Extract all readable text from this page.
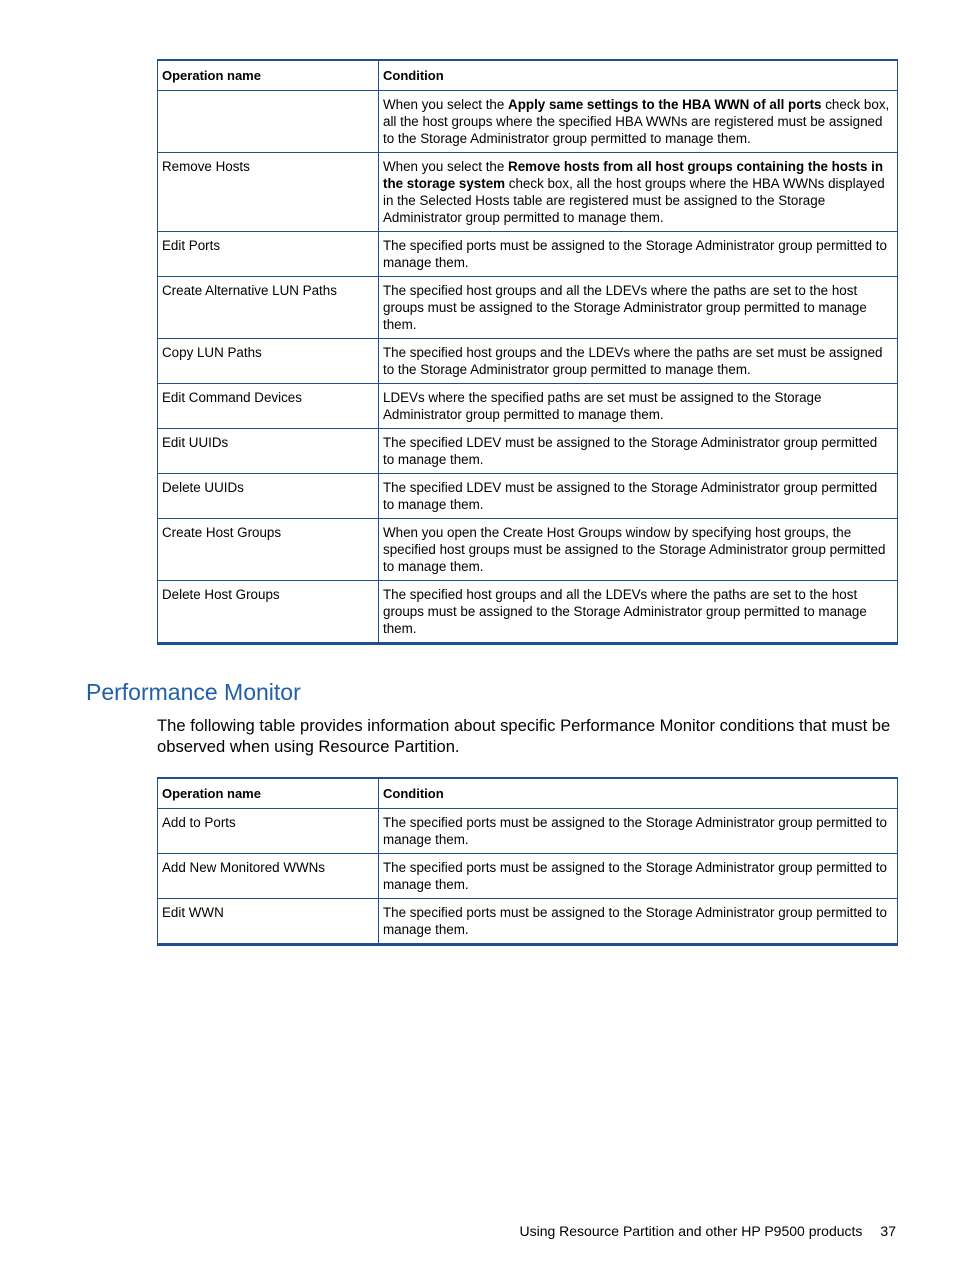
Operation name	Condition
	When you select the Apply same settings to the HBA WWN of all ports check box, all the host groups where the specified HBA WWNs are registered must be assigned to the Storage Administrator group permitted to manage them.
Remove Hosts	When you select the Remove hosts from all host groups containing the hosts in the storage system check box, all the host groups where the HBA WWNs displayed in the Selected Hosts table are registered must be assigned to the Storage Administrator group permitted to manage them.
Edit Ports	The specified ports must be assigned to the Storage Administrator group permitted to manage them.
Create Alternative LUN Paths	The specified host groups and all the LDEVs where the paths are set to the host groups must be assigned to the Storage Administrator group permitted to manage them.
Copy LUN Paths	The specified host groups and the LDEVs where the paths are set must be assigned to the Storage Administrator group permitted to manage them.
Edit Command Devices	LDEVs where the specified paths are set must be assigned to the Storage Administrator group permitted to manage them.
Edit UUIDs	The specified LDEV must be assigned to the Storage Administrator group permitted to manage them.
Delete UUIDs	The specified LDEV must be assigned to the Storage Administrator group permitted to manage them.
Create Host Groups	When you open the Create Host Groups window by specifying host groups, the specified host groups must be assigned to the Storage Administrator group permitted to manage them.
Delete Host Groups	The specified host groups and all the LDEVs where the paths are set to the host groups must be assigned to the Storage Administrator group permitted to manage them.
Performance Monitor

The following table provides information about specific Performance Monitor conditions that must be observed when using Resource Partition.

Operation name	Condition
Add to Ports	The specified ports must be assigned to the Storage Administrator group permitted to manage them.
Add New Monitored WWNs	The specified ports must be assigned to the Storage Administrator group permitted to manage them.
Edit WWN	The specified ports must be assigned to the Storage Administrator group permitted to manage them.
Using Resource Partition and other HP P9500 products 37
